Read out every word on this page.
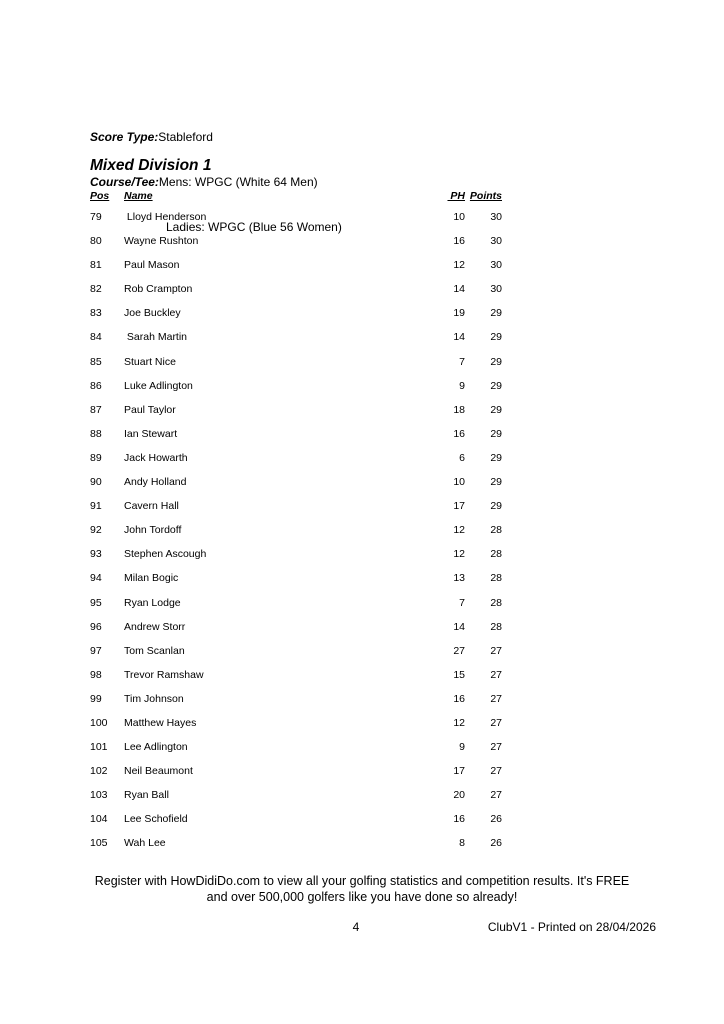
Score Type:Stableford

Course/Tee:Mens: WPGC (White 64 Men)

Ladies: WPGC (Blue 56 Women)

Mixed Division 1
Pos Name	PH Points
79 Lloyd Henderson	10 30
80 Wayne Rushton	16 30
81 Paul Mason	12 30
82 Rob Crampton	14 30
83 Joe Buckley	19 29
84 Sarah Martin	14 29
85 Stuart Nice	7 29
86 Luke Adlington	9 29
87 Paul Taylor	18 29
88 Ian Stewart	16 29
89 Jack Howarth	6 29
90 Andy Holland	10 29
91 Cavern Hall	17 29
92 John Tordoff	12 28
93 Stephen Ascough	12 28
94 Milan Bogic	13 28
95 Ryan Lodge	7 28
96 Andrew Storr	14 28
97 Tom Scanlan	27 27
98 Trevor Ramshaw	15 27
99 Tim Johnson	16 27
100 Matthew Hayes	12 27
101 Lee Adlington	9 27
102 Neil Beaumont	17 27
103 Ryan Ball	20 27
104 Lee Schofield	16 26
105 Wah Lee	8 26
Register with HowDidiDo.com to view all your golfing statistics and competition results. It's FREE
and over 500,000 golfers like you have done so already!
4	ClubV1 - Printed on 28/04/2026
